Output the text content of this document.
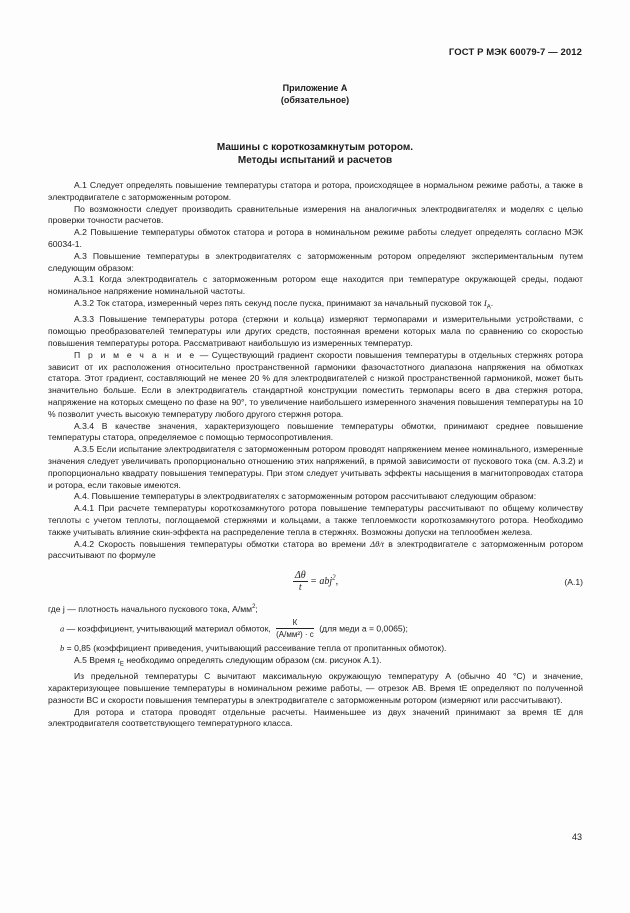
ГОСТ Р МЭК 60079-7 — 2012
Приложение А
(обязательное)
Машины с короткозамкнутым ротором.
Методы испытаний и расчетов

А.1 Следует определять повышение температуры статора и ротора, происходящее в нормальном режиме работы, а также в электродвигателе с заторможенным ротором.

По возможности следует производить сравнительные измерения на аналогичных электродвигателях и моделях с целью проверки точности расчетов.

А.2 Повышение температуры обмоток статора и ротора в номинальном режиме работы следует определять согласно МЭК 60034-1.

А.3 Повышение температуры в электродвигателях с заторможенным ротором определяют экспериментальным путем следующим образом:

А.3.1 Когда электродвигатель с заторможенным ротором еще находится при температуре окружающей среды, подают номинальное напряжение номинальной частоты.

А.3.2 Ток статора, измеренный через пять секунд после пуска, принимают за начальный пусковой ток $I_A$.

А.3.3 Повышение температуры ротора (стержни и кольца) измеряют термопарами и измерительными устройствами, с помощью преобразователей температуры или других средств, постоянная времени которых мала по сравнению со скоростью повышения температуры ротора. Рассматривают наибольшую из измеренных температур.

П р и м е ч а н и е — Существующий градиент скорости повышения температуры в отдельных стержнях ротора зависит от их расположения относительно пространственной гармоники фазочастотного диапазона напряжения на обмотках статора. Этот градиент, составляющий не менее 20 % для электродвигателей с низкой пространственной гармоникой, может быть значительно больше. Если в электродвигатель стандартной конструкции поместить термопары всего в два стержня ротора, напряжение на которых смещено по фазе на 90°, то увеличение наибольшего измеренного значения повышения температуры на 10 % позволит учесть высокую температуру любого другого стержня ротора.

А.3.4 В качестве значения, характеризующего повышение температуры обмотки, принимают среднее повышение температуры статора, определяемое с помощью термосопротивления.

А.3.5 Если испытание электродвигателя с заторможенным ротором проводят напряжением менее номинального, измеренные значения следует увеличивать пропорционально отношению этих напряжений, в прямой зависимости от пускового тока (см. А.3.2) и пропорционально квадрату повышения температуры. При этом следует учитывать эффекты насыщения в магнитопроводах статора и ротора, если таковые имеются.

А.4. Повышение температуры в электродвигателях с заторможенным ротором рассчитывают следующим образом:

А.4.1 При расчете температуры короткозамкнутого ротора повышение температуры рассчитывают по общему количеству теплоты с учетом теплоты, поглощаемой стержнями и кольцами, а также теплоемкости короткозамкнутого ротора. Необходимо также учитывать влияние скин-эффекта на распределение тепла в стержнях. Возможны допуски на теплообмен железа.

А.4.2 Скорость повышения температуры обмотки статора во времени Δθ/t в электродвигателе с заторможенным ротором рассчитывают по формуле

$\frac{\Delta\theta}{t} = abj^2$,	(А.1)

где j — плотность начального пускового тока, $А/мм^2$;

a — коэффициент, учитывающий материал обмоток, $\frac{К}{\text{(А/мм²) · с}} (для$ меди a = 0,0065);

b = 0,85 (коэффициент приведения, учитывающий рассеивание тепла от пропитанных обмоток).

А.5 Время $t_E$ необходимо определять следующим образом (см. рисунок А.1).

Из предельной температуры C вычитают максимальную окружающую температуру A (обычно 40 °С) и значение, характеризующее повышение температуры в номинальном режиме работы, — отрезок AB. Время tE определяют по полученной разности BC и скорости повышения температуры в электродвигателе с заторможенным ротором (измеряют или рассчитывают).

Для ротора и статора проводят отдельные расчеты. Наименьшее из двух значений принимают за время tE для электродвигателя соответствующего температурного класса.

43
